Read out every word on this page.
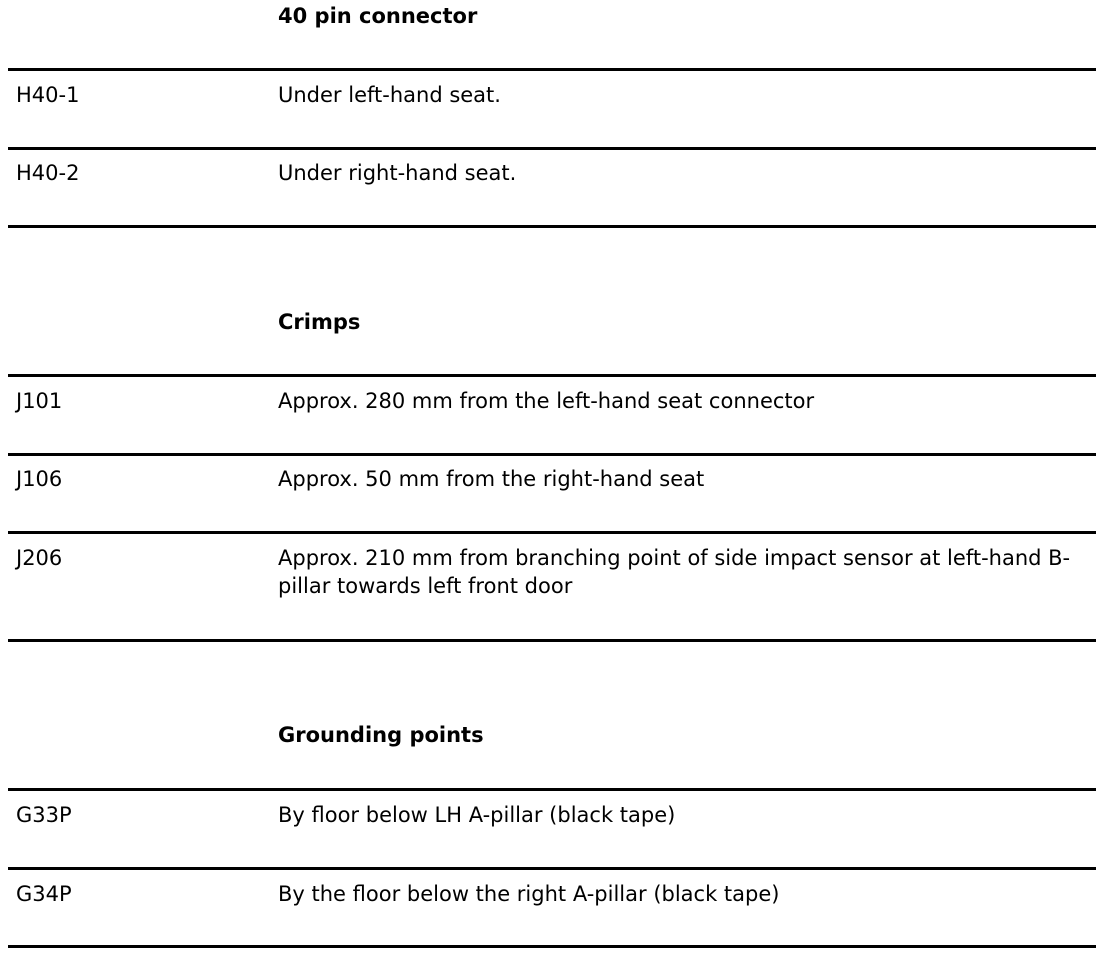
40 pin connector
H40-1	Under left-hand seat.
H40-2	Under right-hand seat.
Crimps
J101	Approx. 280 mm from the left-hand seat connector
J106	Approx. 50 mm from the right-hand seat
J206	Approx. 210 mm from branching point of side impact sensor at left-hand B-pillar towards left front door
Grounding points
G33P	By floor below LH A-pillar (black tape)
G34P	By the floor below the right A-pillar (black tape)
